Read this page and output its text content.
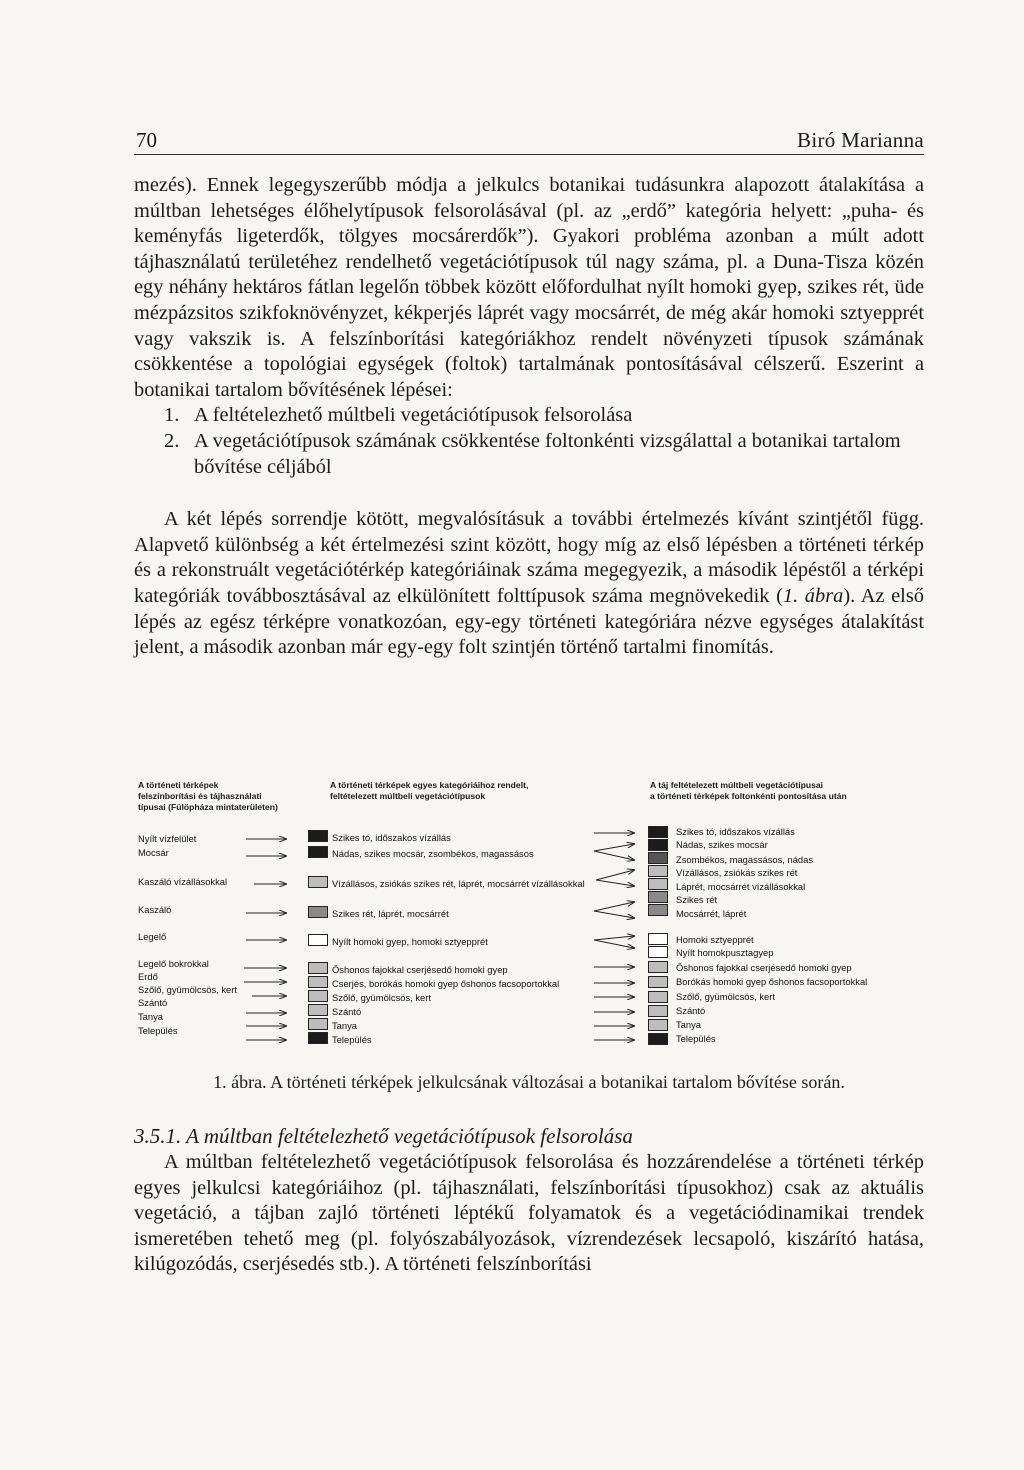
70	Biró Marianna

mezés). Ennek legegyszerűbb módja a jelkulcs botanikai tudásunkra alapozott átalakítása a múltban lehetséges élőhelytípusok felsorolásával (pl. az „erdő” kategória helyett: „puha- és keményfás ligeterdők, tölgyes mocsárerdők”). Gyakori probléma azonban a múlt adott tájhasználatú területéhez rendelhető vegetációtípusok túl nagy száma, pl. a Duna-Tisza közén egy néhány hektáros fátlan legelőn többek között előfordulhat nyílt homoki gyep, szikes rét, üde mézpázsitos szikfoknövényzet, kékperjés láprét vagy mocsárrét, de még akár homoki sztyepprét vagy vakszik is. A felszínborítási kategóriákhoz rendelt növényzeti típusok számának csökkentése a topológiai egységek (foltok) tartalmának pontosításával célszerű. Eszerint a botanikai tartalom bővítésének lépései:

1. A feltételezhető múltbeli vegetációtípusok felsorolása
2. A vegetációtípusok számának csökkentése foltonkénti vizsgálattal a botanikai tartalom bővítése céljából

A két lépés sorrendje kötött, megvalósításuk a további értelmezés kívánt szintjétől függ. Alapvető különbség a két értelmezési szint között, hogy míg az első lépésben a történeti térkép és a rekonstruált vegetációtérkép kategóriáinak száma megegyezik, a második lépéstől a térképi kategóriák továbbosztásával az elkülönített folttípusok száma megnövekedik (1. ábra). Az első lépés az egész térképre vonatkozóan, egy-egy történeti kategóriára nézve egységes átalakítást jelent, a második azonban már egy-egy folt szintjén történő tartalmi finomítás.

A történeti térképek
felszínborítási és tájhasználati
típusai (Fülöpháza mintaterületen)
A történeti térképek egyes kategóriáihoz rendelt,
feltételezett múltbeli vegetációtípusok
A táj feltételezett múltbeli vegetációtípusai
a történeti térképek foltonkénti pontosítása után
Nyílt vízfelület
Mocsár
Kaszáló vízállásokkal
Kaszáló
Legelő
Legelő bokrokkal
Erdő
Szőlő, gyümölcsös, kert
Szántó
Tanya
Település
Szikes tó, időszakos vízállás
Nádas, szikes mocsár, zsombékos, magassásos
Vízállásos, zsiókás szikes rét, láprét, mocsárrét vízállásokkal
Szikes rét, láprét, mocsárrét
Nyílt homoki gyep, homoki sztyepprét
Őshonos fajokkal cserjésedő homoki gyep
Cserjés, borókás homoki gyep őshonos facsoportokkal
Szőlő, gyümölcsös, kert
Szántó
Tanya
Település
Szikes tó, időszakos vízállás
Nádas, szikes mocsár
Zsombékos, magassásos, nádas
Vízállásos, zsiókás szikes rét
Láprét, mocsárrét vízállásokkal
Szikes rét
Mocsárrét, láprét
Homoki sztyepprét
Nyílt homokpusztagyep
Őshonos fajokkal cserjésedő homoki gyep
Borókás homoki gyep őshonos facsoportokkal
Szőlő, gyümölcsös, kert
Szántó
Tanya
Település
1. ábra. A történeti térképek jelkulcsának változásai a botanikai tartalom bővítése során.
3.5.1. A múltban feltételezhető vegetációtípusok felsorolása

A múltban feltételezhető vegetációtípusok felsorolása és hozzárendelése a történeti térkép egyes jelkulcsi kategóriáihoz (pl. tájhasználati, felszínborítási típusokhoz) csak az aktuális vegetáció, a tájban zajló történeti léptékű folyamatok és a vegetációdinamikai trendek ismeretében tehető meg (pl. folyószabályozások, vízrendezések lecsapoló, kiszárító hatása, kilúgozódás, cserjésedés stb.). A történeti felszínborítási
